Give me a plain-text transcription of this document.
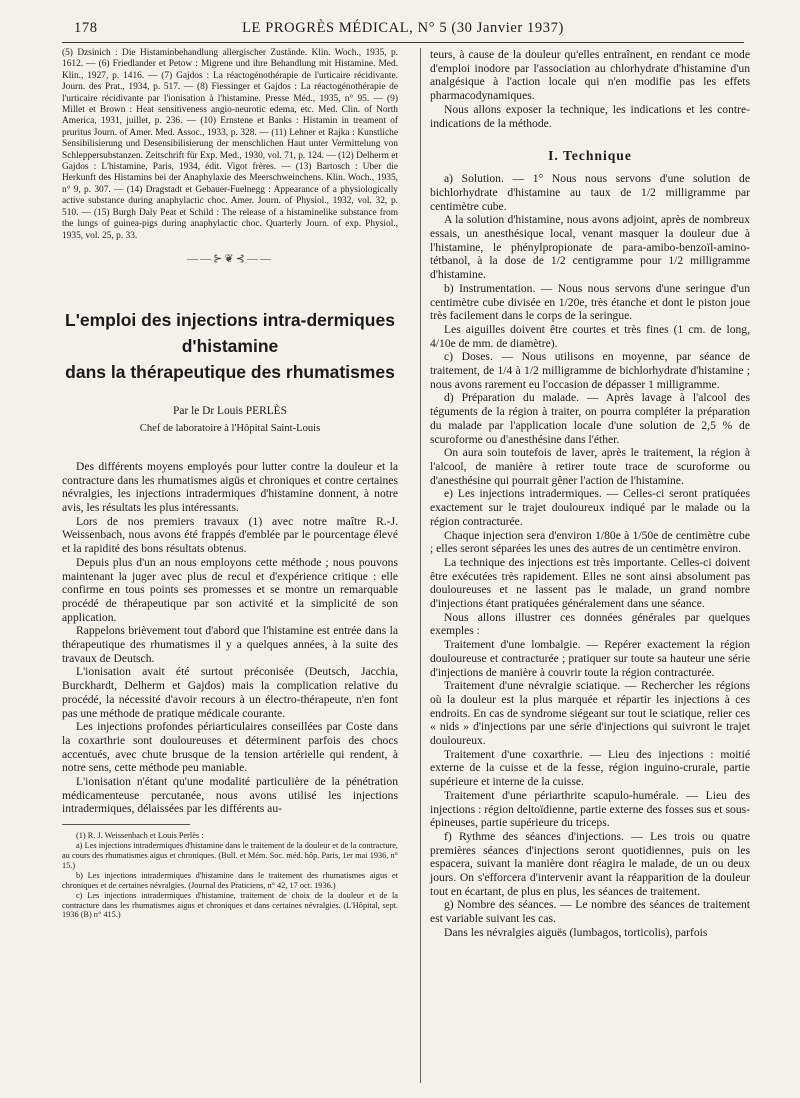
178	LE PROGRÈS MÉDICAL, N° 5 (30 Janvier 1937)

(5) Dzsinich : Die Histaminbehandlung allergischer Zustände. Klin. Woch., 1935, p. 1612. — (6) Friedlander et Petow : Migrene und ihre Behandlung mit Histamine. Med. Klin., 1927, p. 1416. — (7) Gajdos : La réactogénothérapie de l'urticaire récidivante. Journ. des Prat., 1934, p. 517. — (8) Fiessinger et Gajdos : La réactogénothérapie de l'urticaire récidivante par l'ionisation à l'histamine. Presse Méd., 1935, n° 95. — (9) Millet et Brown : Heat sensitiveness angio-neurotic edema, etc. Med. Clin. of North America, 1931, juillet, p. 236. — (10) Ernstene et Banks : Histamin in treament of pruritus Journ. of Amer. Med. Assoc., 1933, p. 328. — (11) Lehner et Rajka : Kunstliche Sensibilisierung und Desensibilisierung der menschlichen Haut unter Vermittelung von Schleppersubstanzen. Zeitschrift für Exp. Med., 1930, vol. 71, p. 124. — (12) Delherm et Gajdos : L'histamine, Paris, 1934, édit. Vigot frères. — (13) Bartosch : Uber die Herkunft des Histamins bei der Anaphylaxie des Meerschweinchens. Klin. Woch., 1935, n° 9, p. 307. — (14) Dragstadt et Gebauer-Fuelnegg : Appearance of a physiologically active substance during anaphylactic choc. Amer. Journ. of Physiol., 1932, vol. 32, p. 510. — (15) Burgh Daly Peat et Schild : The release of a histaminelike substance from the lungs of guinea-pigs during anaphylactic choc. Quarterly Journ. of exp. Physiol., 1935, vol. 25, p. 33.

——⊱❦⊰——
L'emploi des injections intra-dermiques
d'histamine
dans la thérapeutique des rhumatismes
Par le Dr Louis PERLÈS
Chef de laboratoire à l'Hôpital Saint-Louis

Des différents moyens employés pour lutter contre la douleur et la contracture dans les rhumatismes aigüs et chroniques et contre certaines névralgies, les injections intradermiques d'histamine donnent, à notre avis, les résultats les plus intéressants.

Lors de nos premiers travaux (1) avec notre maître R.-J. Weissenbach, nous avons été frappés d'emblée par le pourcentage élevé et la rapidité des bons résultats obtenus.

Depuis plus d'un an nous employons cette méthode ; nous pouvons maintenant la juger avec plus de recul et d'expérience critique : elle confirme en tous points ses promesses et se montre un remarquable procédé de thérapeutique par son activité et la simplicité de son application.

Rappelons brièvement tout d'abord que l'histamine est entrée dans la thérapeutique des rhumatismes il y a quelques années, à la suite des travaux de Deutsch.

L'ionisation avait été surtout préconisée (Deutsch, Jacchia, Burckhardt, Delherm et Gajdos) mais la complication relative du procédé, la nécessité d'avoir recours à un électro-thérapeute, n'en font pas une méthode de pratique médicale courante.

Les injections profondes périarticulaires conseillées par Coste dans la coxarthrie sont douloureuses et déterminent parfois des chocs accentués, avec chute brusque de la tension artérielle qui rendent, à notre sens, cette méthode peu maniable.

L'ionisation n'étant qu'une modalité particulière de la pénétration médicamenteuse percutanée, nous avons utilisé les injections intradermiques, délaissées par les différents au-

(1) R. J. Weissenbach et Louis Perlès :

a) Les injections intradermiques d'histamine dans le traitement de la douleur et de la contracture, au cours des rhumatismes aigus et chroniques. (Bull. et Mém. Soc. méd. hôp. Paris, 1er mai 1936, n° 15.)

b) Les injections intradermiques d'histamine dans le traitement des rhumatismes aigus et chroniques et de certaines névralgies. (Journal des Praticiens, n° 42, 17 oct. 1936.)

c) Les injections intradermiques d'histamine, traitement de choix de la douleur et de la contracture dans les rhumatismes aigus et chroniques et dans certaines névralgies. (L'Hôpital, sept. 1936 (B) n° 415.)

teurs, à cause de la douleur qu'elles entraînent, en rendant ce mode d'emploi inodore par l'association au chlorhydrate d'histamine d'un analgésique à l'action locale qui n'en modifie pas les effets pharmacodynamiques.

Nous allons exposer la technique, les indications et les contre-indications de la méthode.

I. Technique

a) Solution. — 1° Nous nous servons d'une solution de bichlorhydrate d'histamine au taux de 1/2 milligramme par centimètre cube.

A la solution d'histamine, nous avons adjoint, après de nombreux essais, un anesthésique local, venant masquer la douleur due à l'histamine, le phénylpropionate de para-amibo-benzoïl-amino-tétbanol, à la dose de 1/2 centigramme pour 1/2 milligramme d'histamine.

b) Instrumentation. — Nous nous servons d'une seringue d'un centimètre cube divisée en 1/20e, très étanche et dont le piston joue très facilement dans le corps de la seringue.

Les aiguilles doivent être courtes et très fines (1 cm. de long, 4/10e de mm. de diamètre).

c) Doses. — Nous utilisons en moyenne, par séance de traitement, de 1/4 à 1/2 milligramme de bichlorhydrate d'histamine ; nous avons rarement eu l'occasion de dépasser 1 milligramme.

d) Préparation du malade. — Après lavage à l'alcool des téguments de la région à traiter, on pourra compléter la préparation du malade par l'application locale d'une solution de 2,5 % de scuroforme ou d'anesthésine dans l'éther.

On aura soin toutefois de laver, après le traitement, la région à l'alcool, de manière à retirer toute trace de scuroforme ou d'anesthésine qui pourrait gêner l'action de l'histamine.

e) Les injections intradermiques. — Celles-ci seront pratiquées exactement sur le trajet douloureux indiqué par le malade ou la région contracturée.

Chaque injection sera d'environ 1/80e à 1/50e de centimètre cube ; elles seront séparées les unes des autres de un centimètre environ.

La technique des injections est très importante. Celles-ci doivent être exécutées très rapidement. Elles ne sont ainsi absolument pas douloureuses et ne lassent pas le malade, un grand nombre d'injections étant pratiquées généralement dans une séance.

Nous allons illustrer ces données générales par quelques exemples :

Traitement d'une lombalgie. — Repérer exactement la région douloureuse et contracturée ; pratiquer sur toute sa hauteur une série d'injections de manière à couvrir toute la région contracturée.

Traitement d'une névralgie sciatique. — Rechercher les régions où la douleur est la plus marquée et répartir les injections à ces endroits. En cas de syndrome siégeant sur tout le sciatique, relier ces « nids » d'injections par une série d'injections qui suivront le trajet douloureux.

Traitement d'une coxarthrie. — Lieu des injections : moitié externe de la cuisse et de la fesse, région inguino-crurale, partie supérieure et interne de la cuisse.

Traitement d'une périarthrite scapulo-humérale. — Lieu des injections : région deltoïdienne, partie externe des fosses sus et sous-épineuses, partie supérieure du triceps.

f) Rythme des séances d'injections. — Les trois ou quatre premières séances d'injections seront quotidiennes, puis on les espacera, suivant la manière dont réagira le malade, de un ou deux jours. On s'efforcera d'intervenir avant la réapparition de la douleur tout en écartant, de plus en plus, les séances de traitement.

g) Nombre des séances. — Le nombre des séances de traitement est variable suivant les cas.

Dans les névralgies aiguës (lumbagos, torticolis), parfois
